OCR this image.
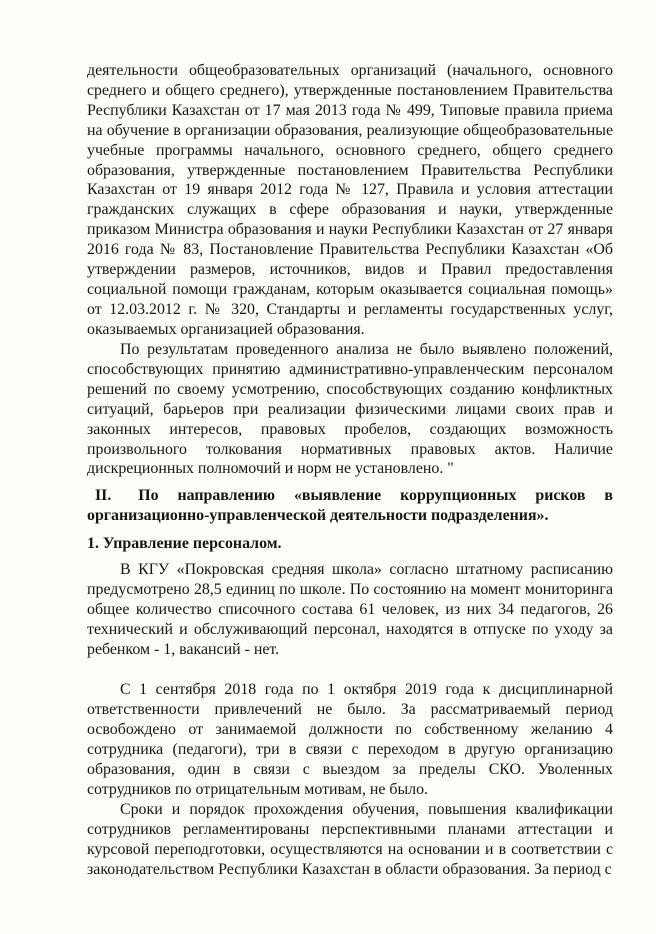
деятельности общеобразовательных организаций (начального, основного среднего и общего среднего), утвержденные постановлением Правительства Республики Казахстан от 17 мая 2013 года № 499, Типовые правила приема на обучение в организации образования, реализующие общеобразовательные учебные программы начального, основного среднего, общего среднего образования, утвержденные постановлением Правительства Республики Казахстан от 19 января 2012 года № 127, Правила и условия аттестации гражданских служащих в сфере образования и науки, утвержденные приказом Министра образования и науки Республики Казахстан от 27 января 2016 года № 83, Постановление Правительства Республики Казахстан «Об утверждении размеров, источников, видов и Правил предоставления социальной помощи гражданам, которым оказывается социальная помощь» от 12.03.2012 г. № 320, Стандарты и регламенты государственных услуг, оказываемых организацией образования.

По результатам проведенного анализа не было выявлено положений, способствующих принятию административно-управленческим персоналом решений по своему усмотрению, способствующих созданию конфликтных ситуаций, барьеров при реализации физическими лицами своих прав и законных интересов, правовых пробелов, создающих возможность произвольного толкования нормативных правовых актов. Наличие дискреционных полномочий и норм не установлено. "

II. По направлению «выявление коррупционных рисков в организационно-управленческой деятельности подразделения».

1. Управление персоналом.

В КГУ «Покровская средняя школа» согласно штатному расписанию предусмотрено 28,5 единиц по школе. По состоянию на момент мониторинга общее количество списочного состава 61 человек, из них 34 педагогов, 26 технический и обслуживающий персонал, находятся в отпуске по уходу за ребенком - 1, вакансий - нет.

С 1 сентября 2018 года по 1 октября 2019 года к дисциплинарной ответственности привлечений не было. За рассматриваемый период освобождено от занимаемой должности по собственному желанию 4 сотрудника (педагоги), три в связи с переходом в другую организацию образования, один в связи с выездом за пределы СКО. Уволенных сотрудников по отрицательным мотивам, не было.

Сроки и порядок прохождения обучения, повышения квалификации сотрудников регламентированы перспективными планами аттестации и курсовой переподготовки, осуществляются на основании и в соответствии с законодательством Республики Казахстан в области образования. За период с
